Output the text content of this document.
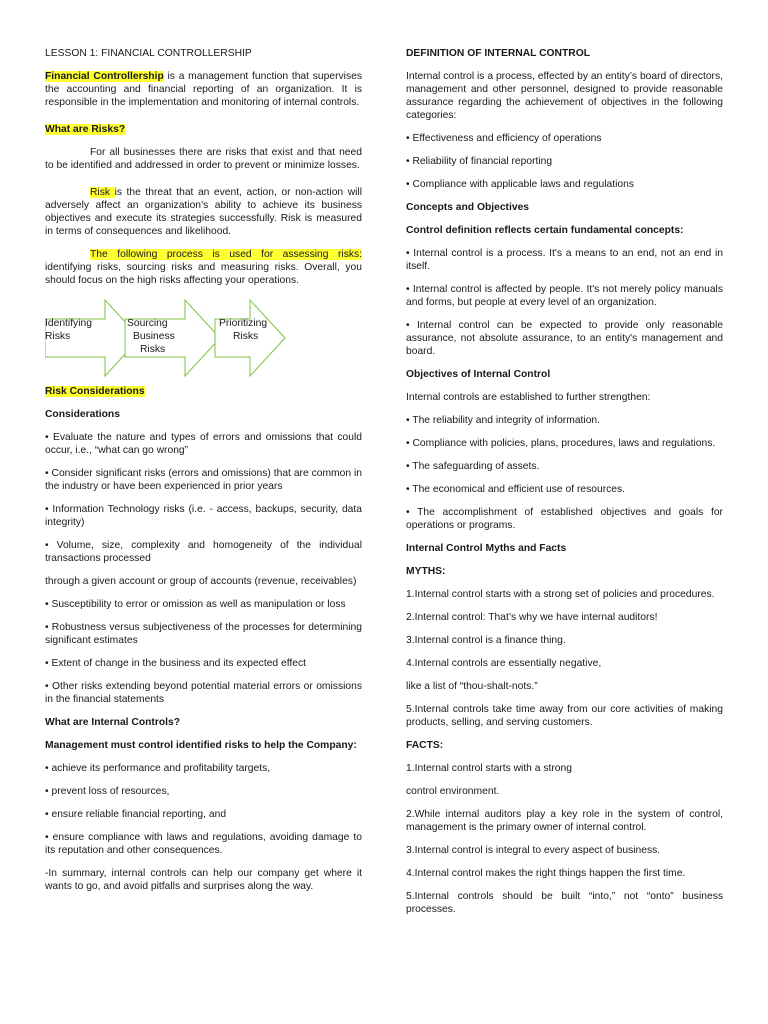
LESSON 1: FINANCIAL CONTROLLERSHIP

Financial Controllership is a management function that supervises the accounting and financial reporting of an organization. It is responsible in the implementation and monitoring of internal controls.

What are Risks?

For all businesses there are risks that exist and that need to be identified and addressed in order to prevent or minimize losses.

Risk is the threat that an event, action, or non-action will adversely affect an organization’s ability to achieve its business objectives and execute its strategies successfully. Risk is measured in terms of consequences and likelihood.

The following process is used for assessing risks: identifying risks, sourcing risks and measuring risks. Overall, you should focus on the high risks affecting your operations.

Identifying
Risks
Sourcing
Business
Risks
Prioritizing
Risks

Risk Considerations

Considerations

• Evaluate the nature and types of errors and omissions that could occur, i.e., “what can go wrong”

• Consider significant risks (errors and omissions) that are common in the industry or have been experienced in prior years

• Information Technology risks (i.e. - access, backups, security, data integrity)

• Volume, size, complexity and homogeneity of the individual transactions processed

through a given account or group of accounts (revenue, receivables)

• Susceptibility to error or omission as well as manipulation or loss

• Robustness versus subjectiveness of the processes for determining significant estimates

• Extent of change in the business and its expected effect

• Other risks extending beyond potential material errors or omissions in the financial statements

What are Internal Controls?

Management must control identified risks to help the Company:

• achieve its performance and profitability targets,

• prevent loss of resources,

• ensure reliable financial reporting, and

• ensure compliance with laws and regulations, avoiding damage to its reputation and other consequences.

-In summary, internal controls can help our company get where it wants to go, and avoid pitfalls and surprises along the way.

DEFINITION OF INTERNAL CONTROL

Internal control is a process, effected by an entity’s board of directors, management and other personnel, designed to provide reasonable assurance regarding the achievement of objectives in the following categories:

• Effectiveness and efficiency of operations

• Reliability of financial reporting

• Compliance with applicable laws and regulations

Concepts and Objectives

Control definition reflects certain fundamental concepts:

• Internal control is a process. It's a means to an end, not an end in itself.

• Internal control is affected by people. It's not merely policy manuals and forms, but people at every level of an organization.

• Internal control can be expected to provide only reasonable assurance, not absolute assurance, to an entity's management and board.

Objectives of Internal Control

Internal controls are established to further strengthen:

• The reliability and integrity of information.

• Compliance with policies, plans, procedures, laws and regulations.

• The safeguarding of assets.

• The economical and efficient use of resources.

• The accomplishment of established objectives and goals for operations or programs.

Internal Control Myths and Facts

MYTHS:

1.Internal control starts with a strong set of policies and procedures.

2.Internal control: That’s why we have internal auditors!

3.Internal control is a finance thing.

4.Internal controls are essentially negative,

like a list of “thou-shalt-nots.”

5.Internal controls take time away from our core activities of making products, selling, and serving customers.

FACTS:

1.Internal control starts with a strong

control environment.

2.While internal auditors play a key role in the system of control, management is the primary owner of internal control.

3.Internal control is integral to every aspect of business.

4.Internal control makes the right things happen the first time.

5.Internal controls should be built “into,” not “onto” business processes.
